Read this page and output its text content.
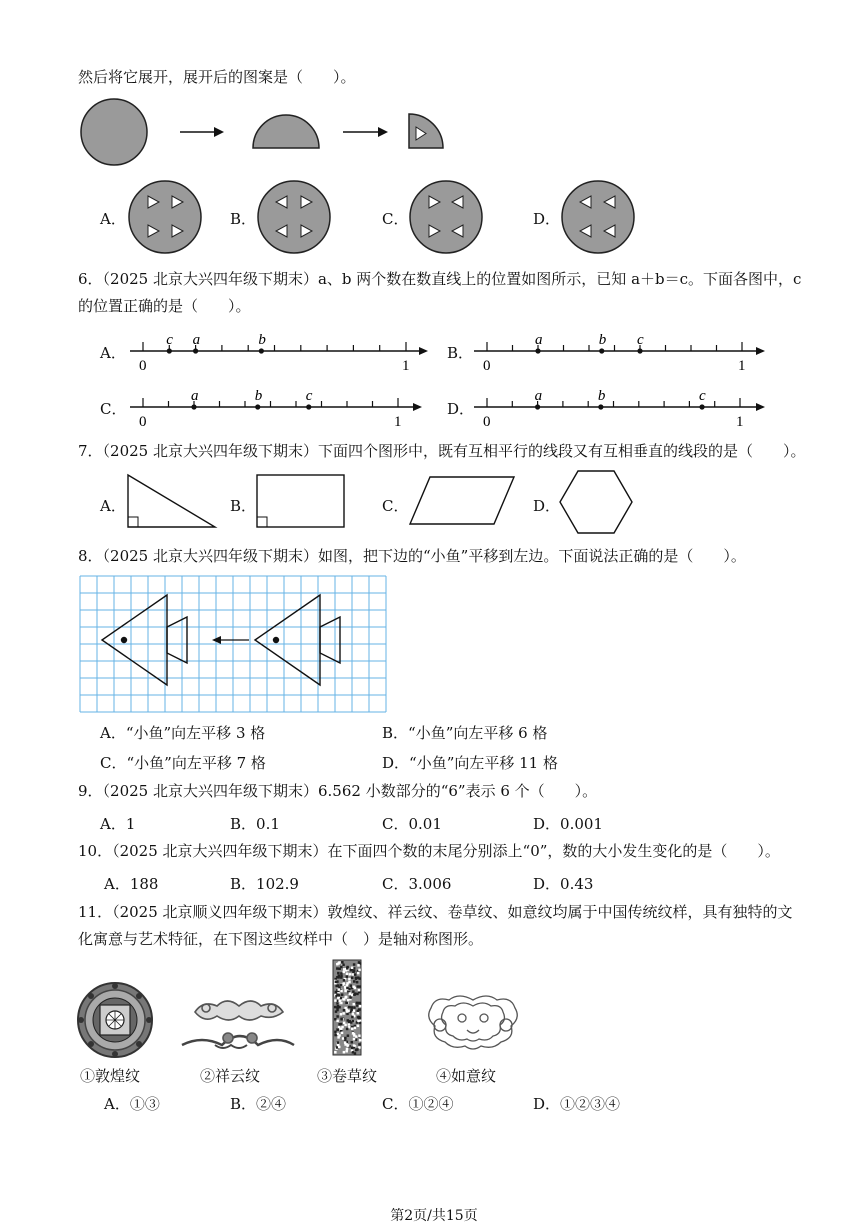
然后将它展开，展开后的图案是（　　）。
A．	B．	C．	D．
6．（2025 北京大兴四年级下期末）a、b 两个数在数直线上的位置如图所示，已知 a＋b＝c。下面各图中，c
的位置正确的是（　　）。
A．
0	1
c a	b
B．
0	1
a	b c
C．
0	1
a	b	c
D．
0	1
a	b	c
7．（2025 北京大兴四年级下期末）下面四个图形中，既有互相平行的线段又有互相垂直的线段的是（　　）。
A．	B．	C．	D．
8．（2025 北京大兴四年级下期末）如图，把下边的“小鱼”平移到左边。下面说法正确的是（　　）。
A．“小鱼”向左平移 3 格	B．“小鱼”向左平移 6 格
C．“小鱼”向左平移 7 格	D．“小鱼”向左平移 11 格
9．（2025 北京大兴四年级下期末）6.562 小数部分的“6”表示 6 个（　　）。
A．1	B．0.1	C．0.01	D．0.001
10．（2025 北京大兴四年级下期末）在下面四个数的末尾分别添上“0”，数的大小发生变化的是（　　）。
A．188	B．102.9	C．3.006	D．0.43
11．（2025 北京顺义四年级下期末）敦煌纹、祥云纹、卷草纹、如意纹均属于中国传统纹样，具有独特的文
化寓意与艺术特征，在下图这些纹样中（　）是轴对称图形。
①敦煌纹	②祥云纹	③卷草纹	④如意纹
A．①③	B．②④	C．①②④	D．①②③④
第2页/共15页
